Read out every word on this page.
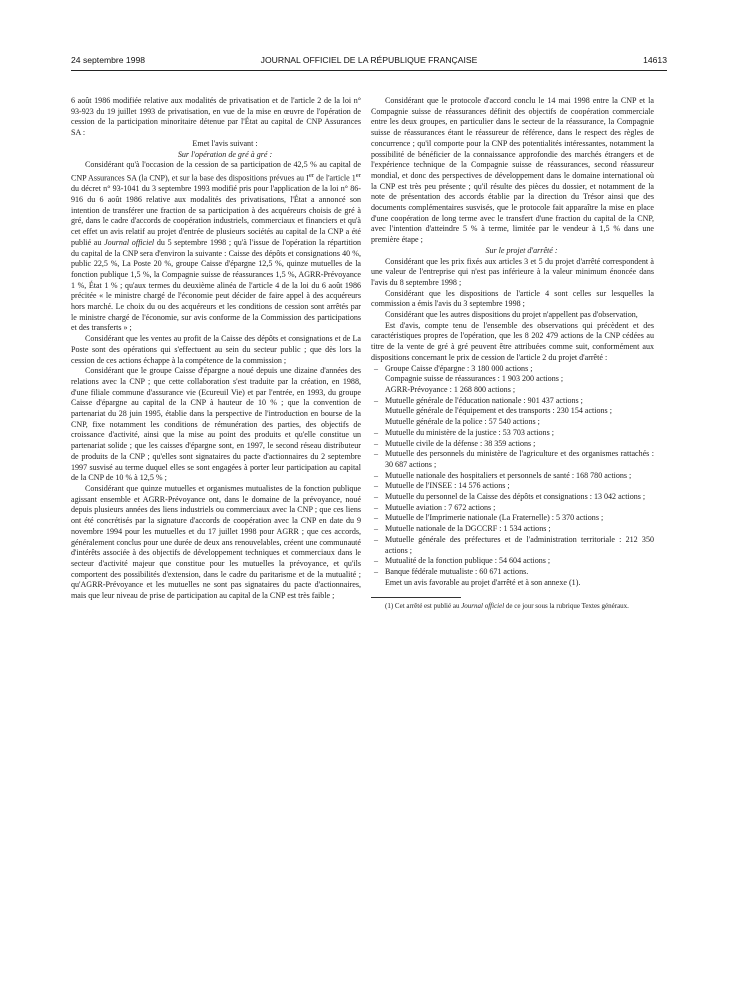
24 septembre 1998	JOURNAL OFFICIEL DE LA RÉPUBLIQUE FRANÇAISE	14613

6 août 1986 modifiée relative aux modalités de privatisation et de l'article 2 de la loi n° 93-923 du 19 juillet 1993 de privatisation, en vue de la mise en œuvre de l'opération de cession de la participation minoritaire détenue par l'État au capital de CNP Assurances SA :

Emet l'avis suivant :

Sur l'opération de gré à gré :

Considérant qu'à l'occasion de la cession de sa participation de 42,5 % au capital de CNP Assurances SA (la CNP), et sur la base des dispositions prévues au Ier de l'article 1er du décret n° 93-1041 du 3 septembre 1993 modifié pris pour l'application de la loi n° 86-916 du 6 août 1986 relative aux modalités des privatisations, l'État a annoncé son intention de transférer une fraction de sa participation à des acquéreurs choisis de gré à gré, dans le cadre d'accords de coopération industriels, commerciaux et financiers et qu'à cet effet un avis relatif au projet d'entrée de plusieurs sociétés au capital de la CNP a été publié au Journal officiel du 5 septembre 1998 ; qu'à l'issue de l'opération la répartition du capital de la CNP sera d'environ la suivante : Caisse des dépôts et consignations 40 %, public 22,5 %, La Poste 20 %, groupe Caisse d'épargne 12,5 %, quinze mutuelles de la fonction publique 1,5 %, la Compagnie suisse de réassurances 1,5 %, AGRR-Prévoyance 1 %, État 1 % ; qu'aux termes du deuxième alinéa de l'article 4 de la loi du 6 août 1986 précitée « le ministre chargé de l'économie peut décider de faire appel à des acquéreurs hors marché. Le choix du ou des acquéreurs et les conditions de cession sont arrêtés par le ministre chargé de l'économie, sur avis conforme de la Commission des participations et des transferts » ;

Considérant que les ventes au profit de la Caisse des dépôts et consignations et de La Poste sont des opérations qui s'effectuent au sein du secteur public ; que dès lors la cession de ces actions échappe à la compétence de la commission ;

Considérant que le groupe Caisse d'épargne a noué depuis une dizaine d'années des relations avec la CNP ; que cette collaboration s'est traduite par la création, en 1988, d'une filiale commune d'assurance vie (Ecureuil Vie) et par l'entrée, en 1993, du groupe Caisse d'épargne au capital de la CNP à hauteur de 10 % ; que la convention de partenariat du 28 juin 1995, établie dans la perspective de l'introduction en bourse de la CNP, fixe notamment les conditions de rémunération des parties, des objectifs de croissance d'activité, ainsi que la mise au point des produits et qu'elle constitue un partenariat solide ; que les caisses d'épargne sont, en 1997, le second réseau distributeur de produits de la CNP ; qu'elles sont signataires du pacte d'actionnaires du 2 septembre 1997 susvisé au terme duquel elles se sont engagées à porter leur participation au capital de la CNP de 10 % à 12,5 % ;

Considérant que quinze mutuelles et organismes mutualistes de la fonction publique agissant ensemble et AGRR-Prévoyance ont, dans le domaine de la prévoyance, noué depuis plusieurs années des liens industriels ou commerciaux avec la CNP ; que ces liens ont été concrétisés par la signature d'accords de coopération avec la CNP en date du 9 novembre 1994 pour les mutuelles et du 17 juillet 1998 pour AGRR ; que ces accords, généralement conclus pour une durée de deux ans renouvelables, créent une communauté d'intérêts associée à des objectifs de développement techniques et commerciaux dans le secteur d'activité majeur que constitue pour les mutuelles la prévoyance, et qu'ils comportent des possibilités d'extension, dans le cadre du paritarisme et de la mutualité ; qu'AGRR-Prévoyance et les mutuelles ne sont pas signataires du pacte d'actionnaires, mais que leur niveau de prise de participation au capital de la CNP est très faible ;

Considérant que le protocole d'accord conclu le 14 mai 1998 entre la CNP et la Compagnie suisse de réassurances définit des objectifs de coopération commerciale entre les deux groupes, en particulier dans le secteur de la réassurance, la Compagnie suisse de réassurances étant le réassureur de référence, dans le respect des règles de concurrence ; qu'il comporte pour la CNP des potentialités intéressantes, notamment la possibilité de bénéficier de la connaissance approfondie des marchés étrangers et de l'expérience technique de la Compagnie suisse de réassurances, second réassureur mondial, et donc des perspectives de développement dans le domaine international où la CNP est très peu présente ; qu'il résulte des pièces du dossier, et notamment de la note de présentation des accords établie par la direction du Trésor ainsi que des documents complémentaires susvisés, que le protocole fait apparaître la mise en place d'une coopération de long terme avec le transfert d'une fraction du capital de la CNP, avec l'intention d'atteindre 5 % à terme, limitée par le vendeur à 1,5 % dans une première étape ;

Sur le projet d'arrêté :

Considérant que les prix fixés aux articles 3 et 5 du projet d'arrêté correspondent à une valeur de l'entreprise qui n'est pas inférieure à la valeur minimum énoncée dans l'avis du 8 septembre 1998 ;

Considérant que les dispositions de l'article 4 sont celles sur lesquelles la commission a émis l'avis du 3 septembre 1998 ;

Considérant que les autres dispositions du projet n'appellent pas d'observation,

Est d'avis, compte tenu de l'ensemble des observations qui précèdent et des caractéristiques propres de l'opération, que les 8 202 479 actions de la CNP cédées au titre de la vente de gré à gré peuvent être attribuées comme suit, conformément aux dispositions concernant le prix de cession de l'article 2 du projet d'arrêté :

– Groupe Caisse d'épargne : 3 180 000 actions ;
Compagnie suisse de réassurances : 1 903 200 actions ;
AGRR-Prévoyance : 1 268 800 actions ;
– Mutuelle générale de l'éducation nationale : 901 437 actions ;
Mutuelle générale de l'équipement et des transports : 230 154 actions ;
Mutuelle générale de la police : 57 540 actions ;
– Mutuelle du ministère de la justice : 53 703 actions ;
– Mutuelle civile de la défense : 38 359 actions ;
– Mutuelle des personnels du ministère de l'agriculture et des organismes rattachés : 30 687 actions ;
– Mutuelle nationale des hospitaliers et personnels de santé : 168 780 actions ;
– Mutuelle de l'INSEE : 14 576 actions ;
– Mutuelle du personnel de la Caisse des dépôts et consignations : 13 042 actions ;
– Mutuelle aviation : 7 672 actions ;
– Mutuelle de l'Imprimerie nationale (La Fraternelle) : 5 370 actions ;
– Mutuelle nationale de la DGCCRF : 1 534 actions ;
– Mutuelle générale des préfectures et de l'administration territoriale : 212 350 actions ;
– Mutualité de la fonction publique : 54 604 actions ;
– Banque fédérale mutualiste : 60 671 actions.

Emet un avis favorable au projet d'arrêté et à son annexe (1).

(1) Cet arrêté est publié au Journal officiel de ce jour sous la rubrique Textes généraux.
